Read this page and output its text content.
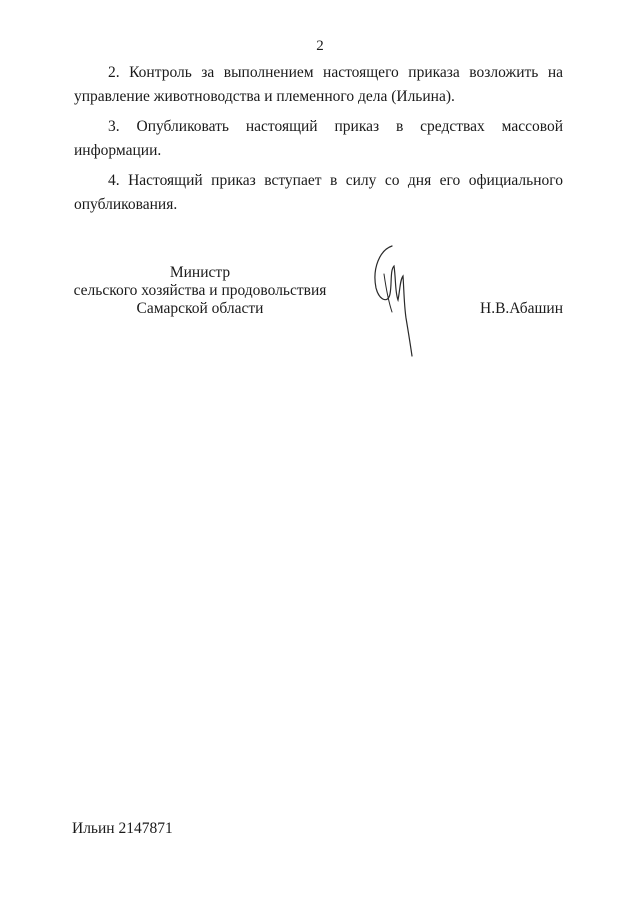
2

2. Контроль за выполнением настоящего приказа возложить на управление животноводства и племенного дела (Ильина).

3. Опубликовать настоящий приказ в средствах массовой информации.

4. Настоящий приказ вступает в силу со дня его официального опубликования.

Министр
сельского хозяйства и продовольствия
Самарской области	Н.В.Абашин
Ильин 2147871
